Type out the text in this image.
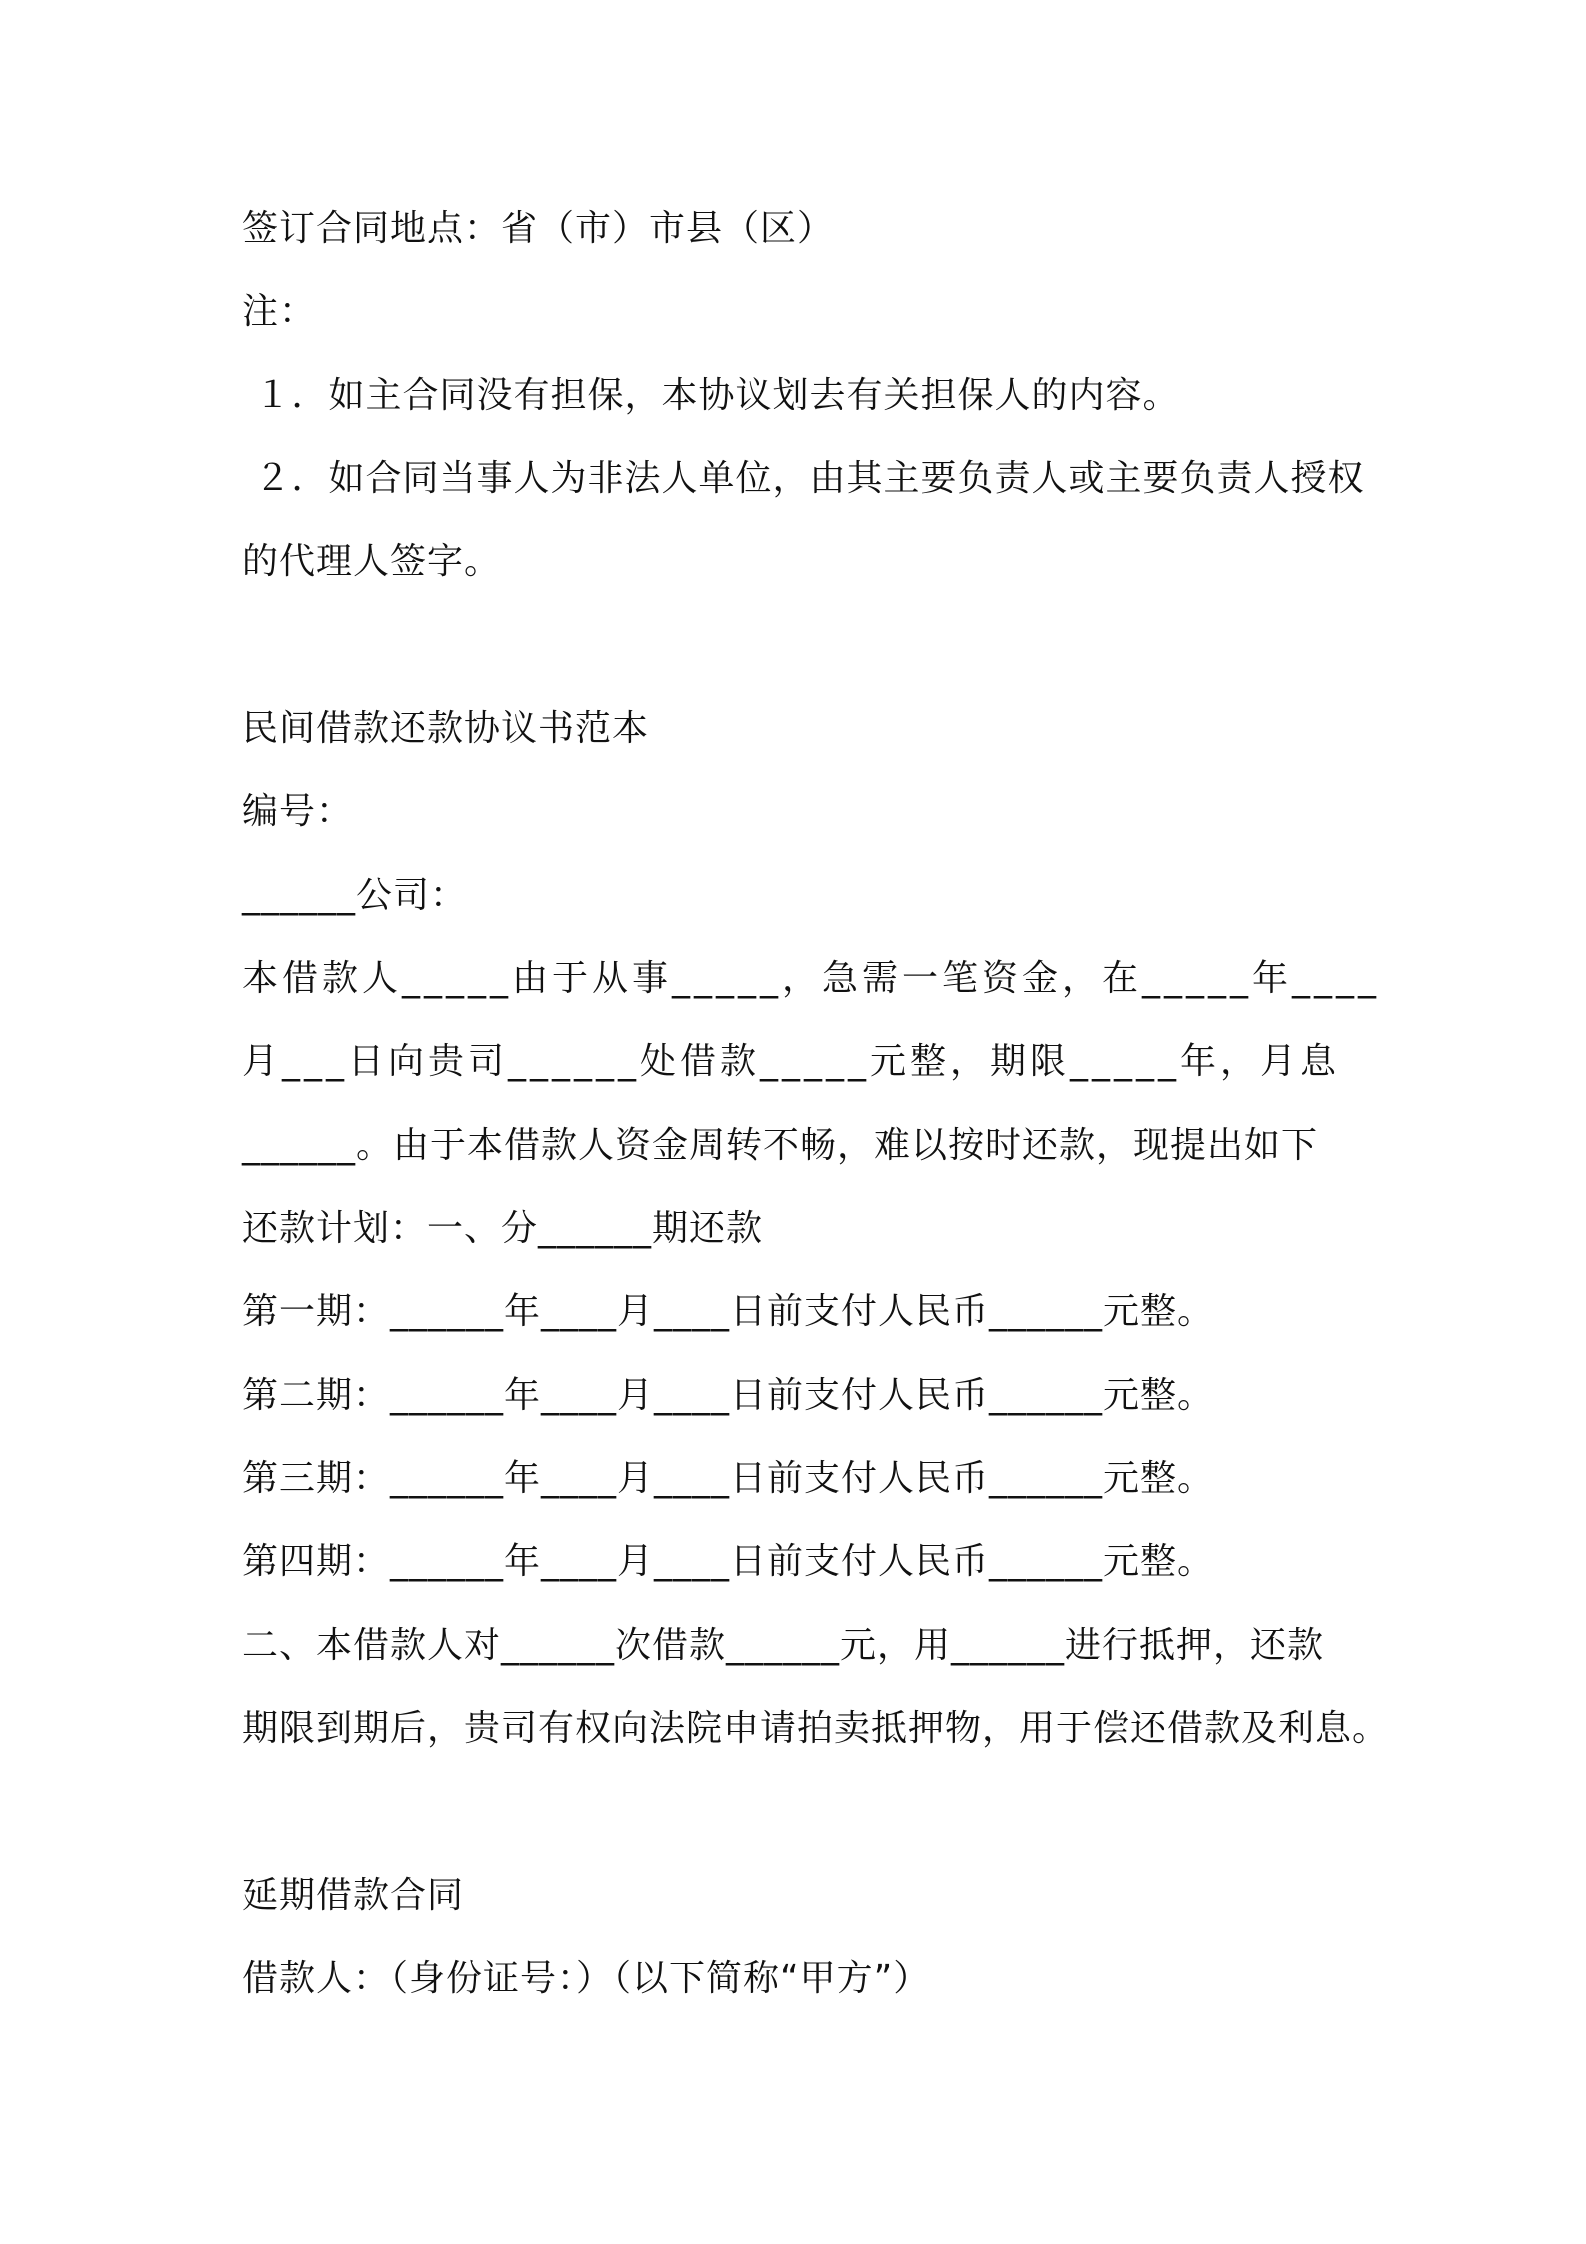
签订合同地点：省（市）市县（区）
注：
１．如主合同没有担保，本协议划去有关担保人的内容。
２．如合同当事人为非法人单位，由其主要负责人或主要负责人授权
的代理人签字。
民间借款还款协议书范本
编号：
______公司：
本借款人_____由于从事_____，急需一笔资金，在_____年____
月___日向贵司______处借款_____元整，期限_____年，月息
______。由于本借款人资金周转不畅，难以按时还款，现提出如下
还款计划：一、分______期还款
第一期：______年____月____日前支付人民币______元整。
第二期：______年____月____日前支付人民币______元整。
第三期：______年____月____日前支付人民币______元整。
第四期：______年____月____日前支付人民币______元整。
二、本借款人对______次借款______元，用______进行抵押，还款
期限到期后，贵司有权向法院申请拍卖抵押物，用于偿还借款及利息。
延期借款合同
借款人：（身份证号：）（以下简称“甲方”）
